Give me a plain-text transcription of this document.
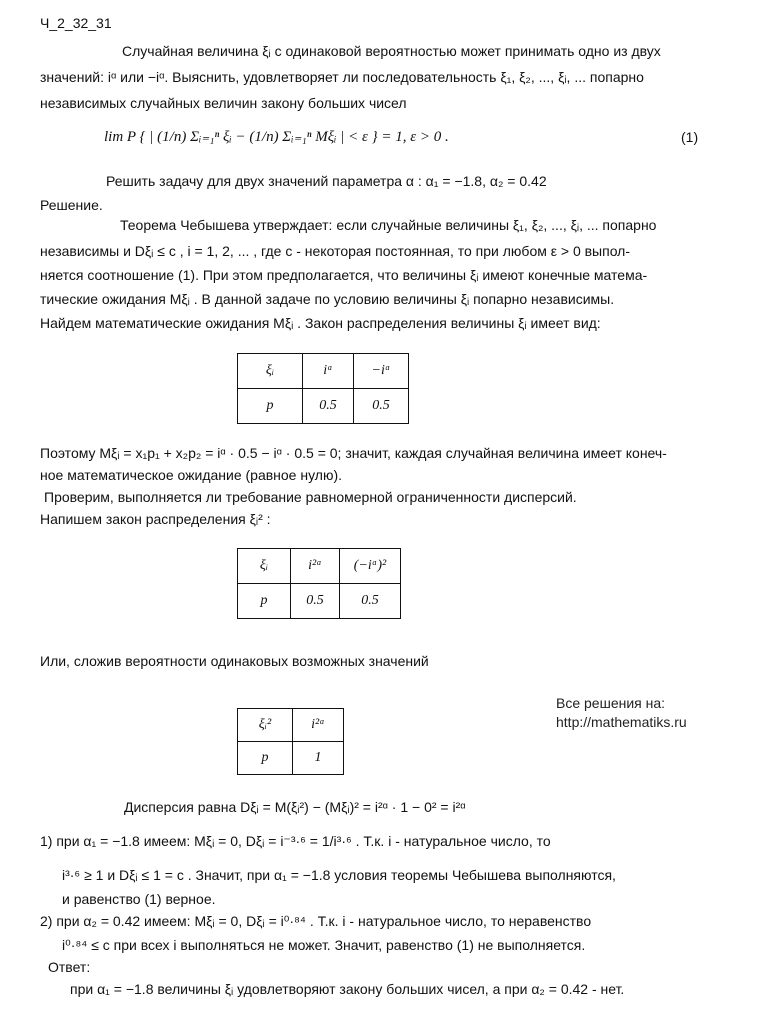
Ч_2_32_31
Случайная величина ξᵢ с одинаковой вероятностью может принимать одно из двух
значений: iᵅ или −iᵅ. Выяснить, удовлетворяет ли последовательность ξ₁, ξ₂, ..., ξᵢ, ... попарно
независимых случайных величин закону больших чисел
lim P { | (1/n) Σᵢ₌₁ⁿ ξᵢ − (1/n) Σᵢ₌₁ⁿ Mξᵢ | < ε } = 1, ε > 0 .	(1)
Решить задачу для двух значений параметра α : α₁ = −1.8, α₂ = 0.42
Решение.
Теорема Чебышева утверждает: если случайные величины ξ₁, ξ₂, ..., ξᵢ, ... попарно
независимы и Dξᵢ ≤ c , i = 1, 2, ... , где c - некоторая постоянная, то при любом ε > 0 выпол-
няется соотношение (1). При этом предполагается, что величины ξᵢ имеют конечные матема-
тические ожидания Mξᵢ . В данной задаче по условию величины ξᵢ попарно независимы.
Найдем математические ожидания Mξᵢ . Закон распределения величины ξᵢ имеет вид:
ξᵢ	iᵅ	−iᵅ
p	0.5	0.5
Поэтому Mξᵢ = x₁p₁ + x₂p₂ = iᵅ · 0.5 − iᵅ · 0.5 = 0; значит, каждая случайная величина имеет конеч-
ное математическое ожидание (равное нулю).
Проверим, выполняется ли требование равномерной ограниченности дисперсий.
Напишем закон распределения ξᵢ² :
ξᵢ	i²ᵅ	(−iᵅ)²
p	0.5	0.5
Или, сложив вероятности одинаковых возможных значений
Все решения на:
http://mathematiks.ru
ξᵢ²	i²ᵅ
p	1
Дисперсия равна Dξᵢ = M(ξᵢ²) − (Mξᵢ)² = i²ᵅ · 1 − 0² = i²ᵅ
1) при α₁ = −1.8 имеем: Mξᵢ = 0, Dξᵢ = i⁻³·⁶ = 1/i³·⁶ . Т.к. i - натуральное число, то
i³·⁶ ≥ 1 и Dξᵢ ≤ 1 = c . Значит, при α₁ = −1.8 условия теоремы Чебышева выполняются,
и равенство (1) верное.
2) при α₂ = 0.42 имеем: Mξᵢ = 0, Dξᵢ = i⁰·⁸⁴ . Т.к. i - натуральное число, то неравенство
i⁰·⁸⁴ ≤ c при всех i выполняться не может. Значит, равенство (1) не выполняется.
Ответ:
при α₁ = −1.8 величины ξᵢ удовлетворяют закону больших чисел, а при α₂ = 0.42 - нет.
